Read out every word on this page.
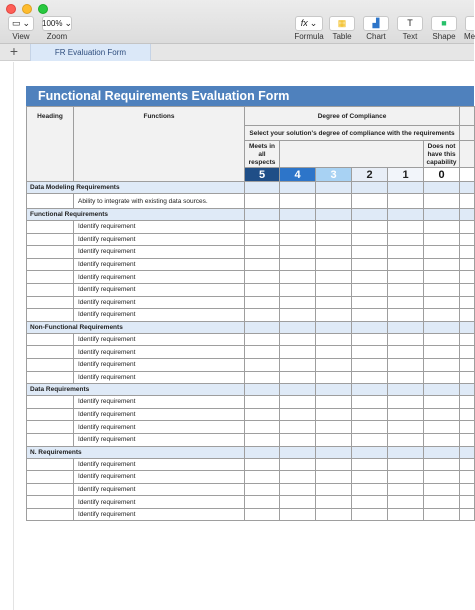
▭ ⌄
View
100% ⌄
Zoom
fx ⌄
Formula
▦
Table
▟
Chart
T
Text
■
Shape	Me
+	FR Evaluation Form
Functional Requirements Evaluation Form
Heading	Functions	Degree of Compliance						
		Select your solution's degree of compliance with the requirements						
		Meets in all respects					Does not have this capability	
		5	4	3	2	1	0	
Data Modeling Requirements								
	Ability to integrate with existing data sources.							
Functional Requirements								
	Identify requirement							
	Identify requirement							
	Identify requirement							
	Identify requirement							
	Identify requirement							
	Identify requirement							
	Identify requirement							
	Identify requirement							
Non-Functional Requirements								
	Identify requirement							
	Identify requirement							
	Identify requirement							
	Identify requirement							
Data Requirements								
	Identify requirement							
	Identify requirement							
	Identify requirement							
	Identify requirement							
N. Requirements								
	Identify requirement							
	Identify requirement							
	Identify requirement							
	Identify requirement							
	Identify requirement							
